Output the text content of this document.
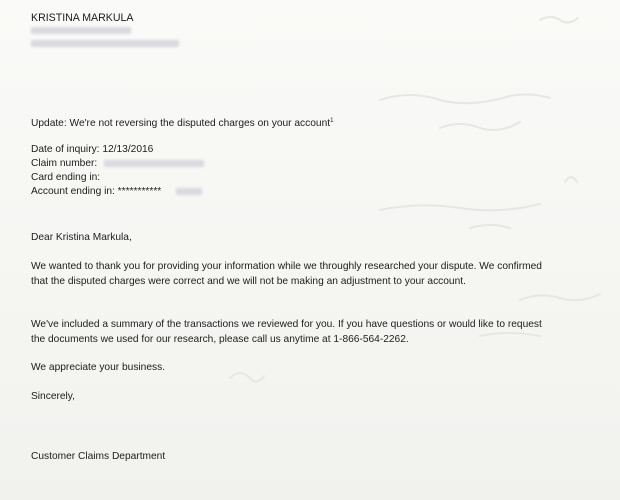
KRISTINA MARKULA
Update: We're not reversing the disputed charges on your account$^1$
Date of inquiry: 12/13/2016
Claim number:
Card ending in:
Account ending in: ***********
Dear Kristina Markula,
We wanted to thank you for providing your information while we throughly researched your dispute. We confirmed that the disputed charges were correct and we will not be making an adjustment to your account.
We've included a summary of the transactions we reviewed for you. If you have questions or would like to request the documents we used for our research, please call us anytime at 1-866-564-2262.
We appreciate your business.
Sincerely,
Customer Claims Department
